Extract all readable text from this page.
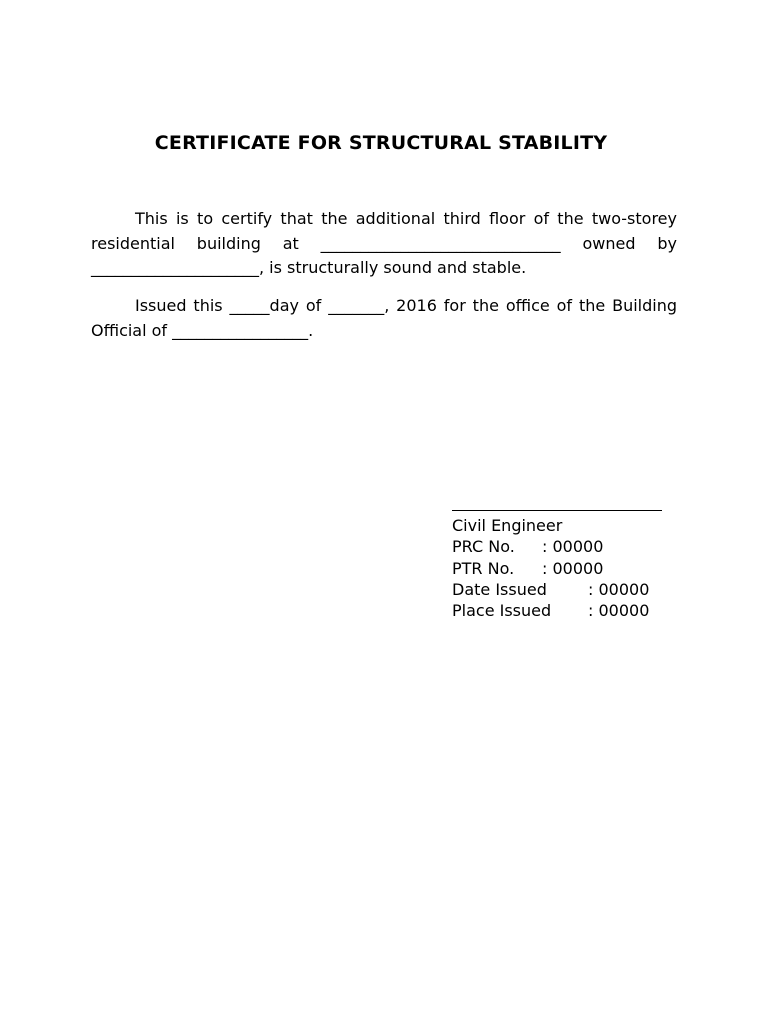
CERTIFICATE FOR STRUCTURAL STABILITY
This is to certify that the additional third floor of the two-storey residential building at ______________________________ owned by _____________________, is structurally sound and stable.
Issued this _____day of _______, 2016 for the office of the Building Official of _________________.
Civil Engineer
PRC No. : 00000
PTR No. : 00000
Date Issued	: 00000
Place Issued : 00000
